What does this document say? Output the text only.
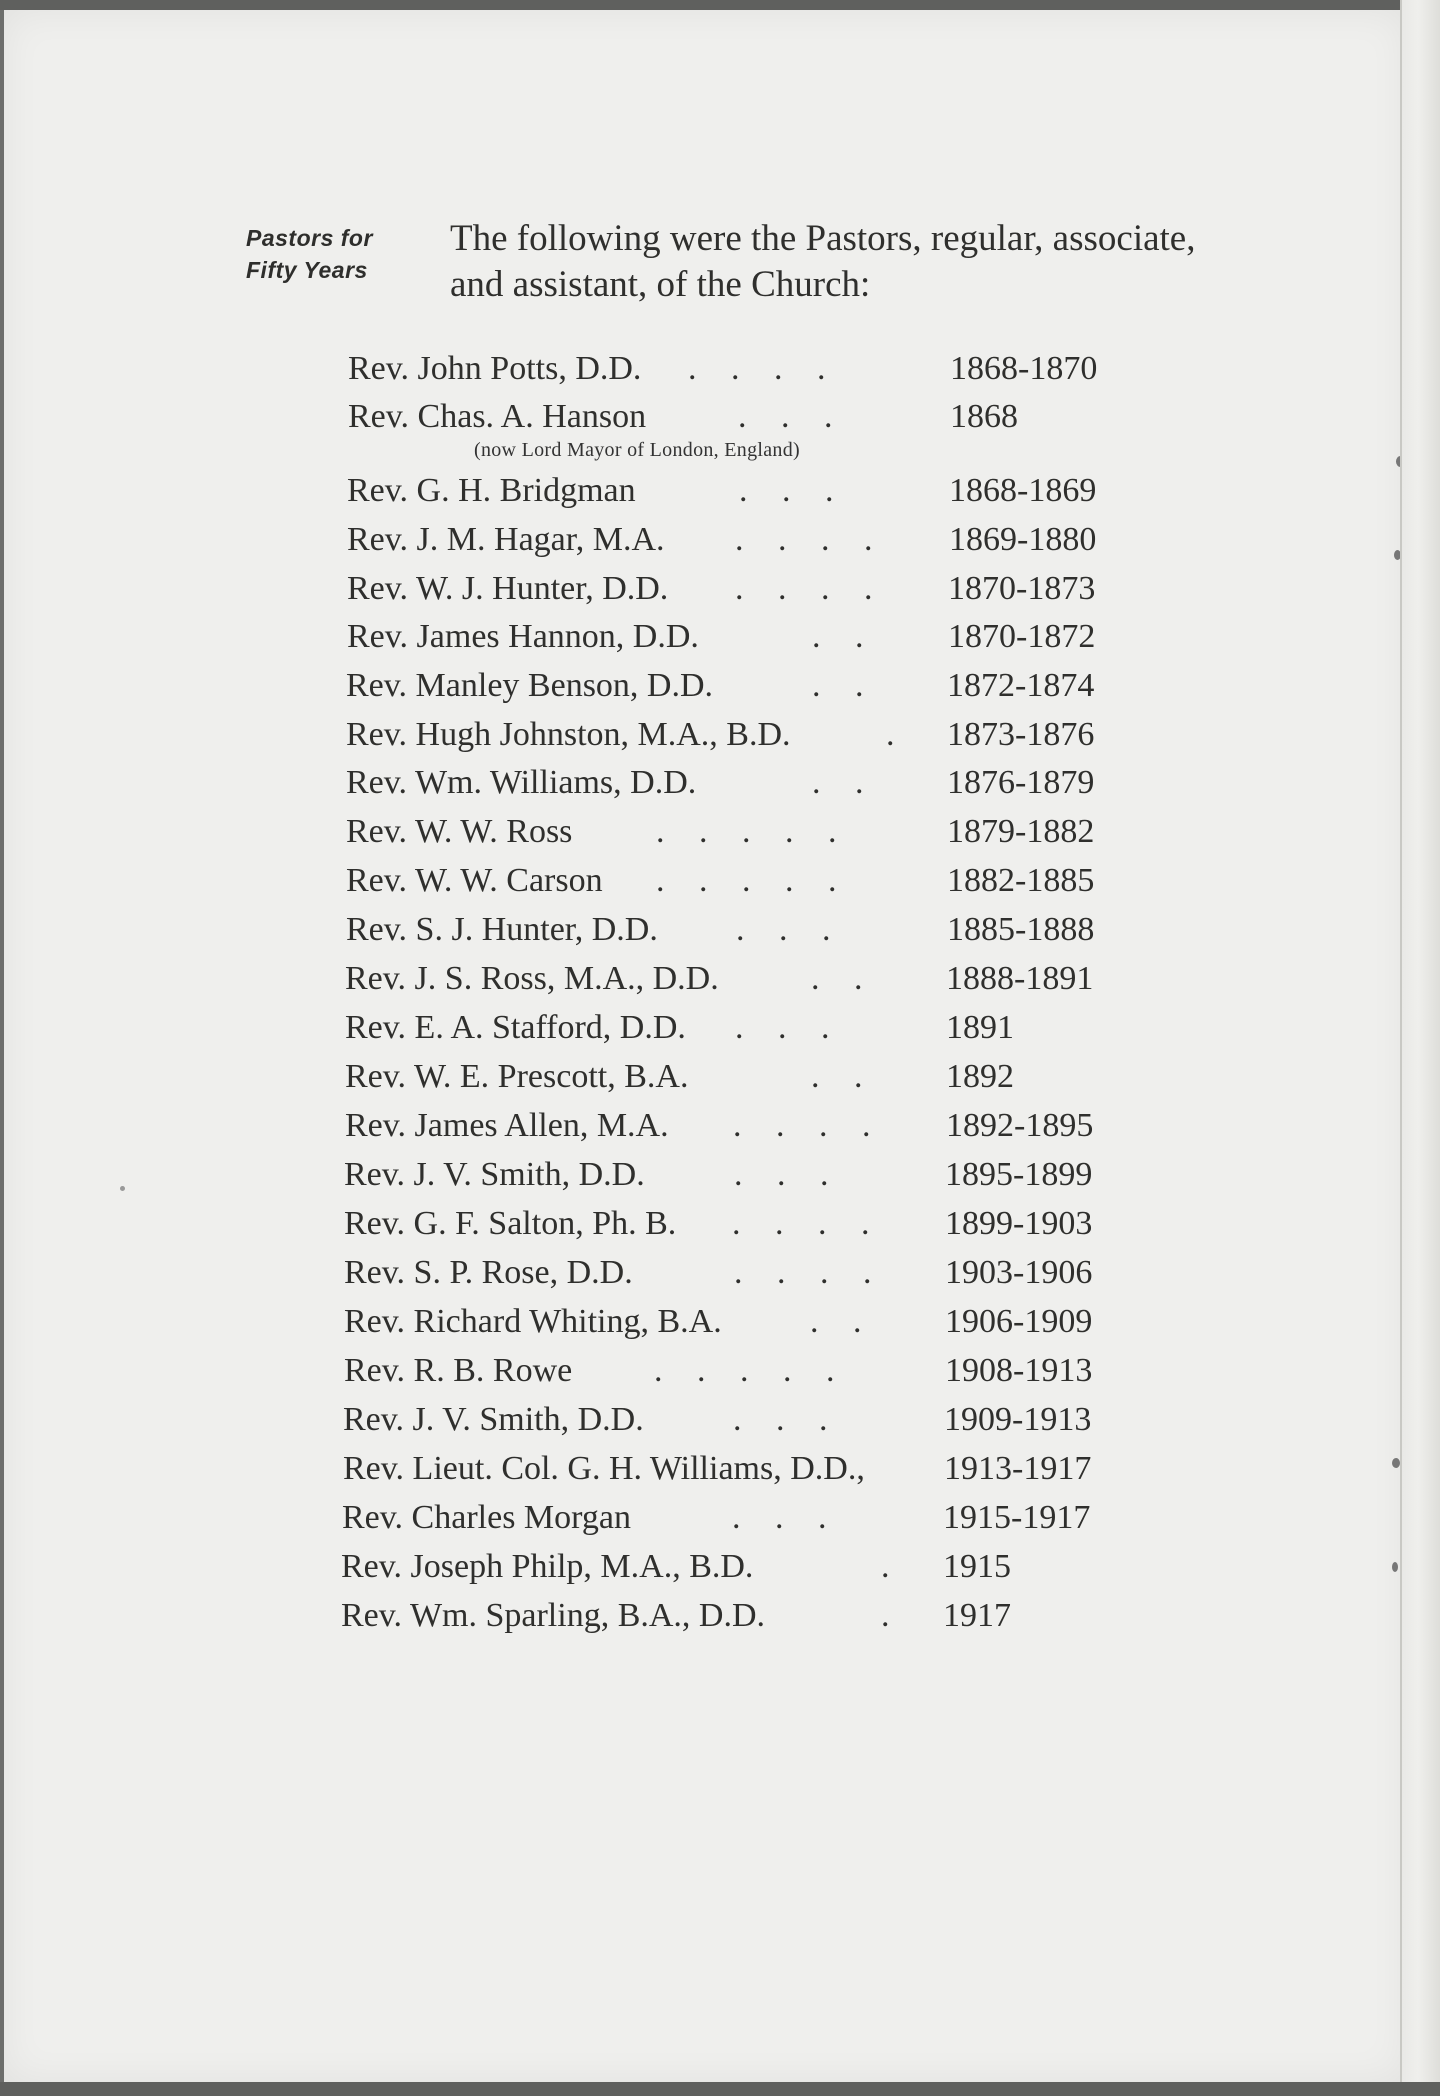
Pastors for
Fifty Years
The following were the Pastors, regular, associate,
and assistant, of the Church:
Rev. John Potts, D.D. . . . .	1868-1870
Rev. Chas. A. Hanson	. . .	1868
(now Lord Mayor of London, England)
Rev. G. H. Bridgman	. . .	1868-1869
Rev. J. M. Hagar, M.A. . . . . 1869-1880
Rev. W. J. Hunter, D.D. . . . . 1870-1873
Rev. James Hannon, D.D.	. . 1870-1872
Rev. Manley Benson, D.D.	. . 1872-1874
Rev. Hugh Johnston, M.A., B.D.	. 1873-1876
Rev. Wm. Williams, D.D.	. . 1876-1879
Rev. W. W. Ross . . . . .	1879-1882
Rev. W. W. Carson . . . . .	1882-1885
Rev. S. J. Hunter, D.D. . . .	1885-1888
Rev. J. S. Ross, M.A., D.D.	. . 1888-1891
Rev. E. A. Stafford, D.D. . . .	1891
Rev. W. E. Prescott, B.A.	. . 1892
Rev. James Allen, M.A. . . . . 1892-1895
Rev. J. V. Smith, D.D.	. . .	1895-1899
Rev. G. F. Salton, Ph. B. . . . . 1899-1903
Rev. S. P. Rose, D.D.	. . . . 1903-1906
Rev. Richard Whiting, B.A.	. . 1906-1909
Rev. R. B. Rowe . . . . .	1908-1913
Rev. J. V. Smith, D.D.	. . .	1909-1913
Rev. Lieut. Col. G. H. Williams, D.D., 1913-1917
Rev. Charles Morgan	. . .	1915-1917
Rev. Joseph Philp, M.A., B.D.	. 1915
Rev. Wm. Sparling, B.A., D.D.	. 1917
